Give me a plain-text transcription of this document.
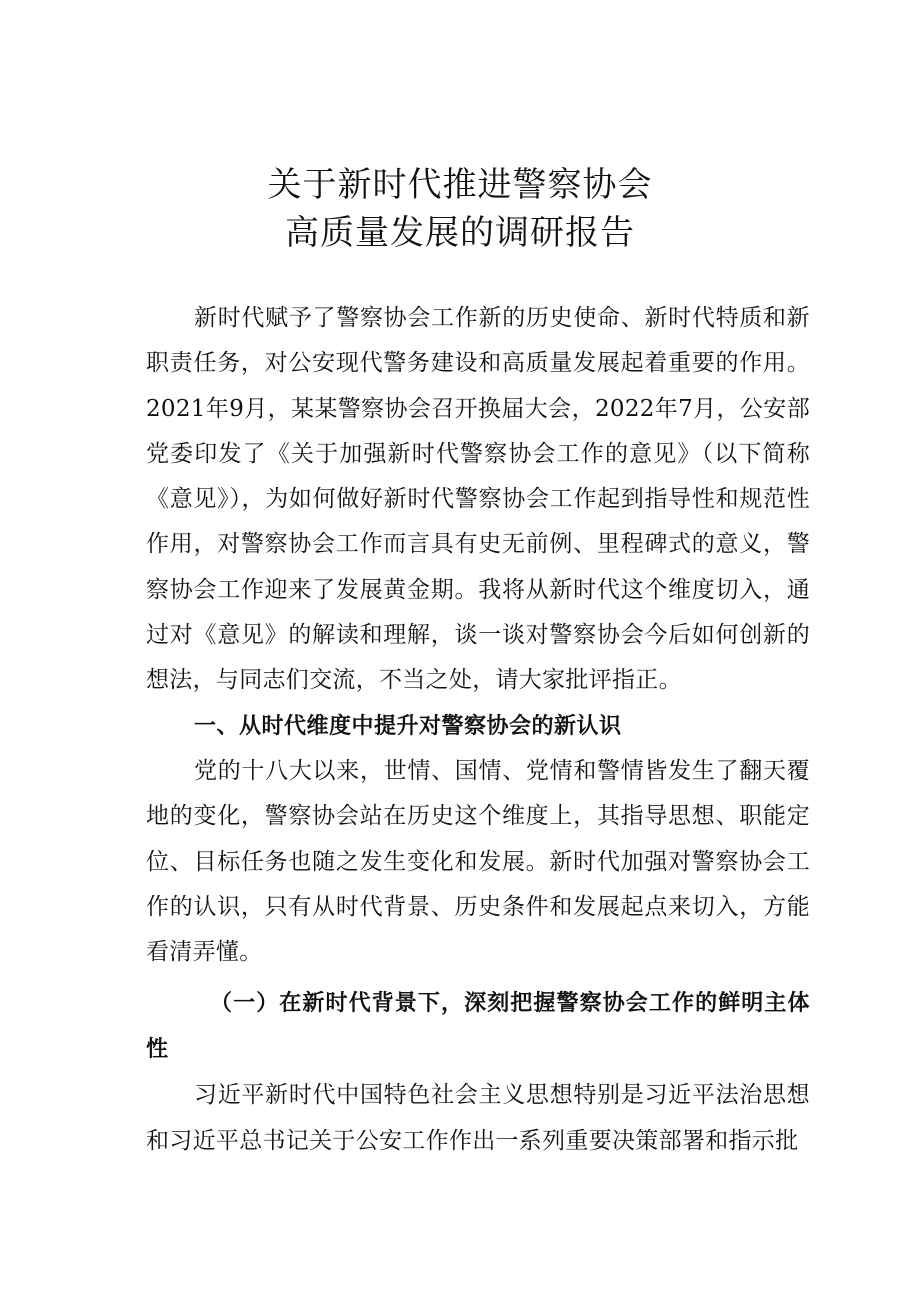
关于新时代推进警察协会
高质量发展的调研报告

新时代赋予了警察协会工作新的历史使命、新时代特质和新职责任务，对公安现代警务建设和高质量发展起着重要的作用。2021年9月，某某警察协会召开换届大会，2022年7月，公安部党委印发了《关于加强新时代警察协会工作的意见》（以下简称《意见》），为如何做好新时代警察协会工作起到指导性和规范性作用，对警察协会工作而言具有史无前例、里程碑式的意义，警察协会工作迎来了发展黄金期。我将从新时代这个维度切入，通过对《意见》的解读和理解，谈一谈对警察协会今后如何创新的想法，与同志们交流，不当之处，请大家批评指正。

一、从时代维度中提升对警察协会的新认识

党的十八大以来，世情、国情、党情和警情皆发生了翻天覆地的变化，警察协会站在历史这个维度上，其指导思想、职能定位、目标任务也随之发生变化和发展。新时代加强对警察协会工作的认识，只有从时代背景、历史条件和发展起点来切入，方能看清弄懂。

（一）在新时代背景下，深刻把握警察协会工作的鲜明主体性

习近平新时代中国特色社会主义思想特别是习近平法治思想和习近平总书记关于公安工作作出一系列重要决策部署和指示批
